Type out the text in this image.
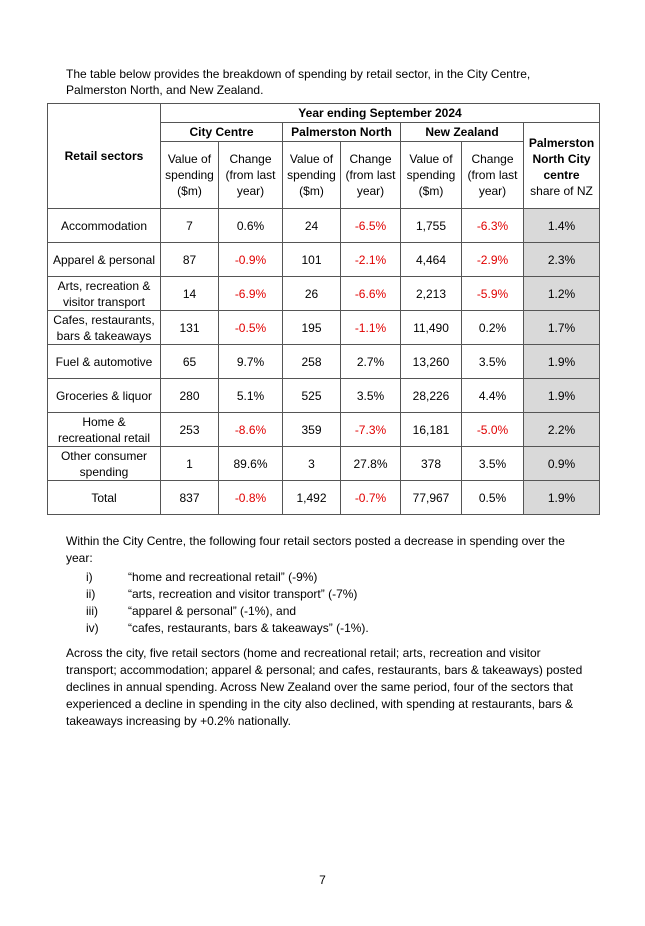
The table below provides the breakdown of spending by retail sector, in the City Centre, Palmerston North, and New Zealand.
Retail sectors	Year ending September 2024						
	City Centre		Palmerston North		New Zealand		Palmerston North City centre
share of NZ

	Value of spending ($m)	Change (from last year)	Value of spending ($m)	Change (from last year)	Value of spending ($m)	Change (from last year)	
Accommodation	7	0.6%	24	-6.5%	1,755	-6.3%	1.4%
Apparel & personal	87	-0.9%	101	-2.1%	4,464	-2.9%	2.3%
Arts, recreation & visitor transport	14	-6.9%	26	-6.6%	2,213	-5.9%	1.2%
Cafes, restaurants, bars & takeaways	131	-0.5%	195	-1.1%	11,490	0.2%	1.7%
Fuel & automotive	65	9.7%	258	2.7%	13,260	3.5%	1.9%
Groceries & liquor	280	5.1%	525	3.5%	28,226	4.4%	1.9%
Home & recreational retail	253	-8.6%	359	-7.3%	16,181	-5.0%	2.2%
Other consumer spending	1	89.6%	3	27.8%	378	3.5%	0.9%
Total	837	-0.8%	1,492	-0.7%	77,967	0.5%	1.9%
Within the City Centre, the following four retail sectors posted a decrease in spending over the year:
i)	“home and recreational retail” (-9%)
ii)	“arts, recreation and visitor transport” (-7%)
iii)	“apparel & personal” (-1%), and
iv)	“cafes, restaurants, bars & takeaways” (-1%).
Across the city, five retail sectors (home and recreational retail; arts, recreation and visitor transport; accommodation; apparel & personal; and cafes, restaurants, bars & takeaways) posted declines in annual spending. Across New Zealand over the same period, four of the sectors that experienced a decline in spending in the city also declined, with spending at restaurants, bars & takeaways increasing by +0.2% nationally.
7
